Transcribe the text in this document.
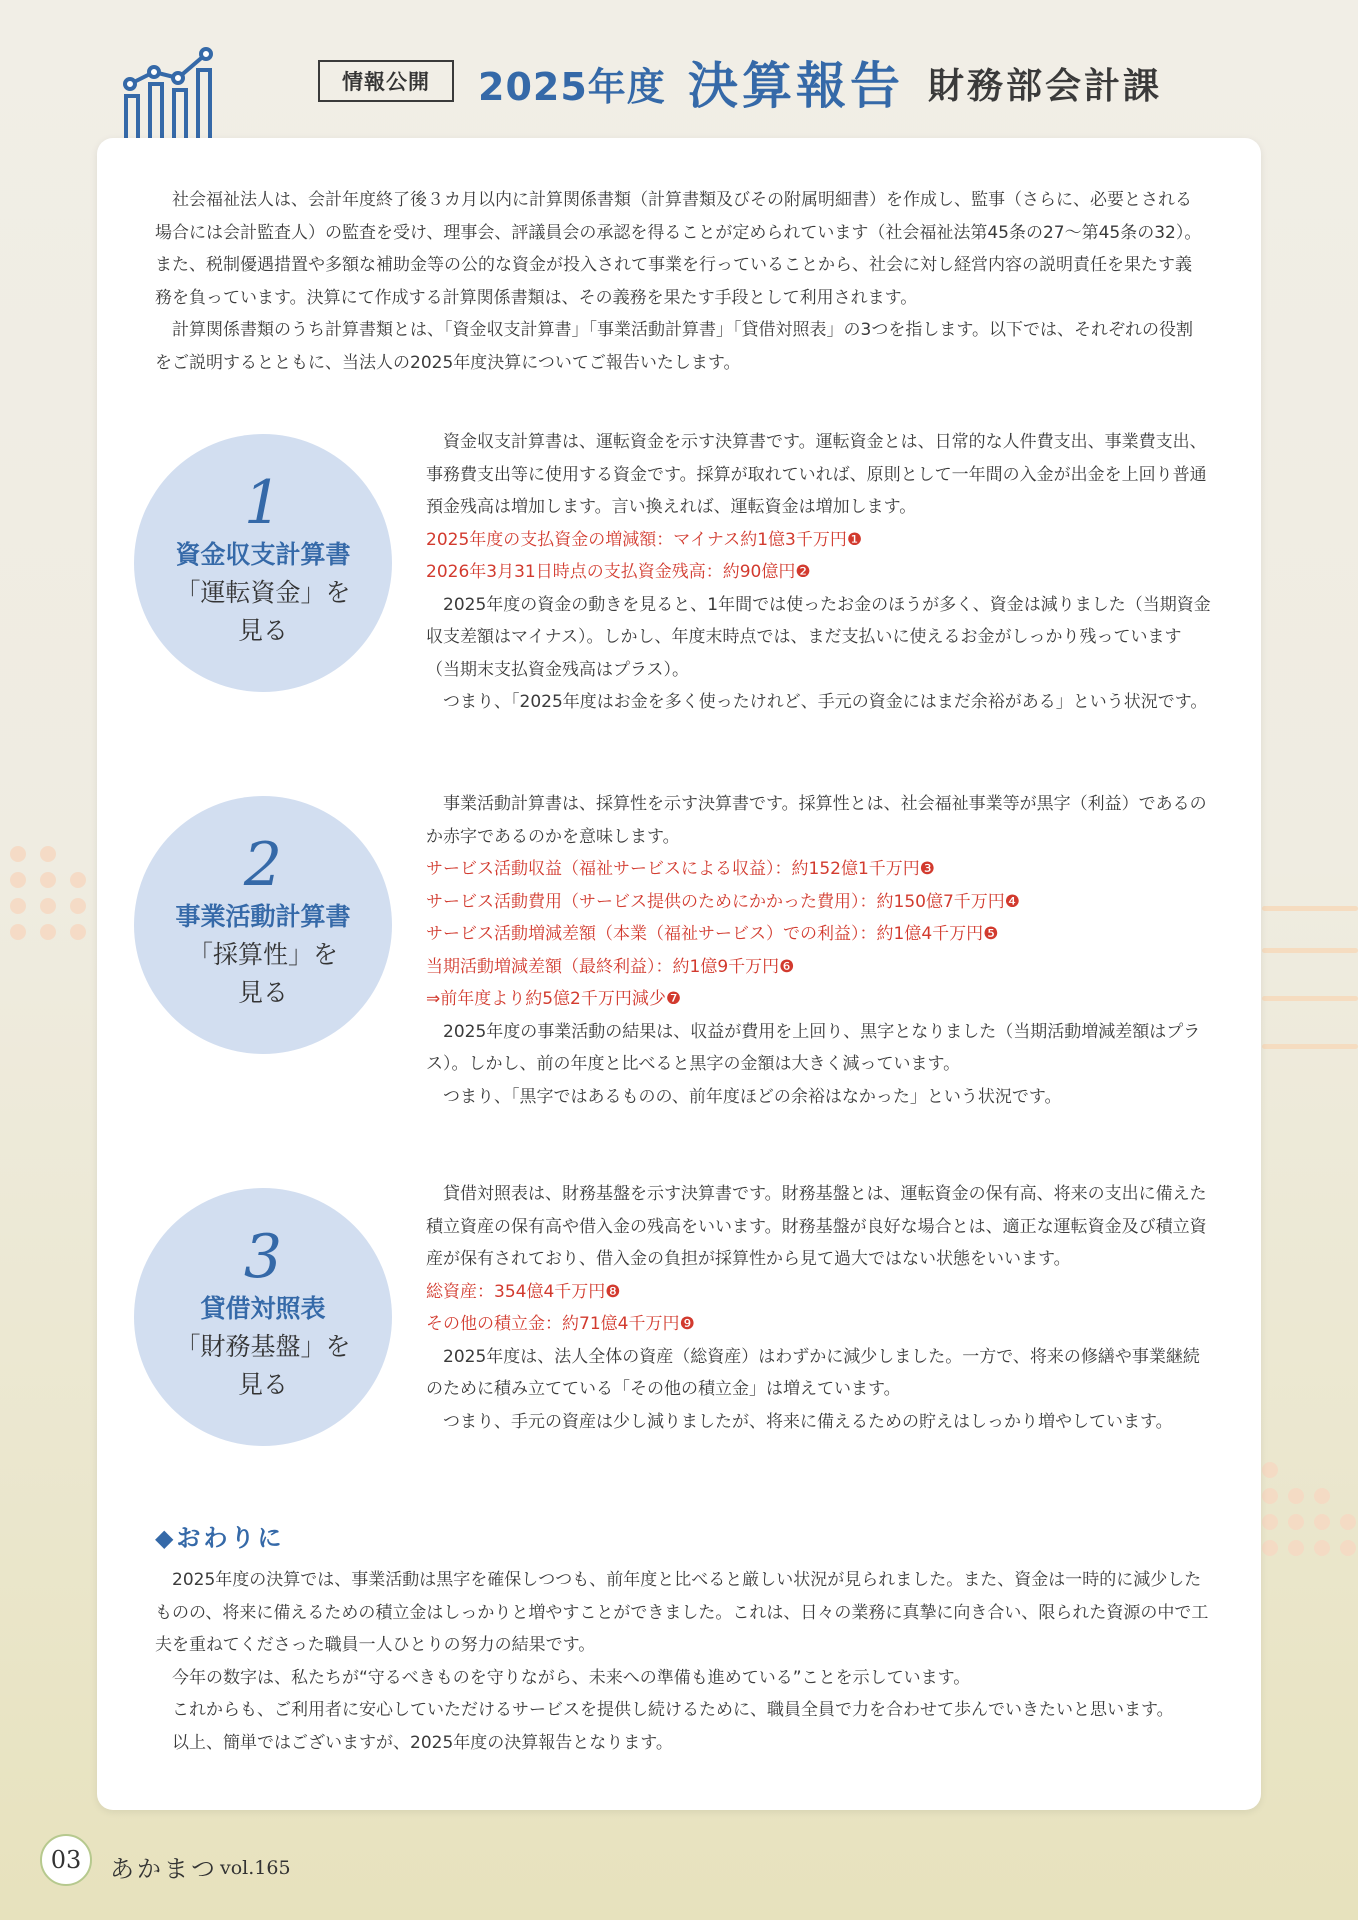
情報公開	2025年度 決算報告 財務部会計課

社会福祉法人は、会計年度終了後３カ月以内に計算関係書類（計算書類及びその附属明細書）を作成し、監事（さらに、必要とされる場合には会計監査人）の監査を受け、理事会、評議員会の承認を得ることが定められています（社会福祉法第45条の27〜第45条の32）。また、税制優遇措置や多額な補助金等の公的な資金が投入されて事業を行っていることから、社会に対し経営内容の説明責任を果たす義務を負っています。決算にて作成する計算関係書類は、その義務を果たす手段として利用されます。

計算関係書類のうち計算書類とは、「資金収支計算書」「事業活動計算書」「貸借対照表」の3つを指します。以下では、それぞれの役割をご説明するとともに、当法人の2025年度決算についてご報告いたします。

1
資金収支計算書
「運転資金」を
見る

資金収支計算書は、運転資金を示す決算書です。運転資金とは、日常的な人件費支出、事業費支出、事務費支出等に使用する資金です。採算が取れていれば、原則として一年間の入金が出金を上回り普通預金残高は増加します。言い換えれば、運転資金は増加します。

2025年度の支払資金の増減額：マイナス約1億3千万円❶

2026年3月31日時点の支払資金残高：約90億円❷

2025年度の資金の動きを見ると、1年間では使ったお金のほうが多く、資金は減りました（当期資金収支差額はマイナス）。しかし、年度末時点では、まだ支払いに使えるお金がしっかり残っています（当期末支払資金残高はプラス）。

つまり、「2025年度はお金を多く使ったけれど、手元の資金にはまだ余裕がある」という状況です。

2
事業活動計算書
「採算性」を
見る

事業活動計算書は、採算性を示す決算書です。採算性とは、社会福祉事業等が黒字（利益）であるのか赤字であるのかを意味します。

サービス活動収益（福祉サービスによる収益）：約152億1千万円❸

サービス活動費用（サービス提供のためにかかった費用）：約150億7千万円❹

サービス活動増減差額（本業（福祉サービス）での利益）：約1億4千万円❺

当期活動増減差額（最終利益）：約1億9千万円❻

⇒前年度より約5億2千万円減少❼

2025年度の事業活動の結果は、収益が費用を上回り、黒字となりました（当期活動増減差額はプラス）。しかし、前の年度と比べると黒字の金額は大きく減っています。

つまり、「黒字ではあるものの、前年度ほどの余裕はなかった」という状況です。

3
貸借対照表
「財務基盤」を
見る

貸借対照表は、財務基盤を示す決算書です。財務基盤とは、運転資金の保有高、将来の支出に備えた積立資産の保有高や借入金の残高をいいます。財務基盤が良好な場合とは、適正な運転資金及び積立資産が保有されており、借入金の負担が採算性から見て過大ではない状態をいいます。

総資産：354億4千万円❽

その他の積立金：約71億4千万円❾

2025年度は、法人全体の資産（総資産）はわずかに減少しました。一方で、将来の修繕や事業継続のために積み立てている「その他の積立金」は増えています。

つまり、手元の資産は少し減りましたが、将来に備えるための貯えはしっかり増やしています。

◆おわりに

2025年度の決算では、事業活動は黒字を確保しつつも、前年度と比べると厳しい状況が見られました。また、資金は一時的に減少したものの、将来に備えるための積立金はしっかりと増やすことができました。これは、日々の業務に真摯に向き合い、限られた資源の中で工夫を重ねてくださった職員一人ひとりの努力の結果です。

今年の数字は、私たちが“守るべきものを守りながら、未来への準備も進めている”ことを示しています。

これからも、ご利用者に安心していただけるサービスを提供し続けるために、職員全員で力を合わせて歩んでいきたいと思います。

以上、簡単ではございますが、2025年度の決算報告となります。

03	あかまつ vol.165
